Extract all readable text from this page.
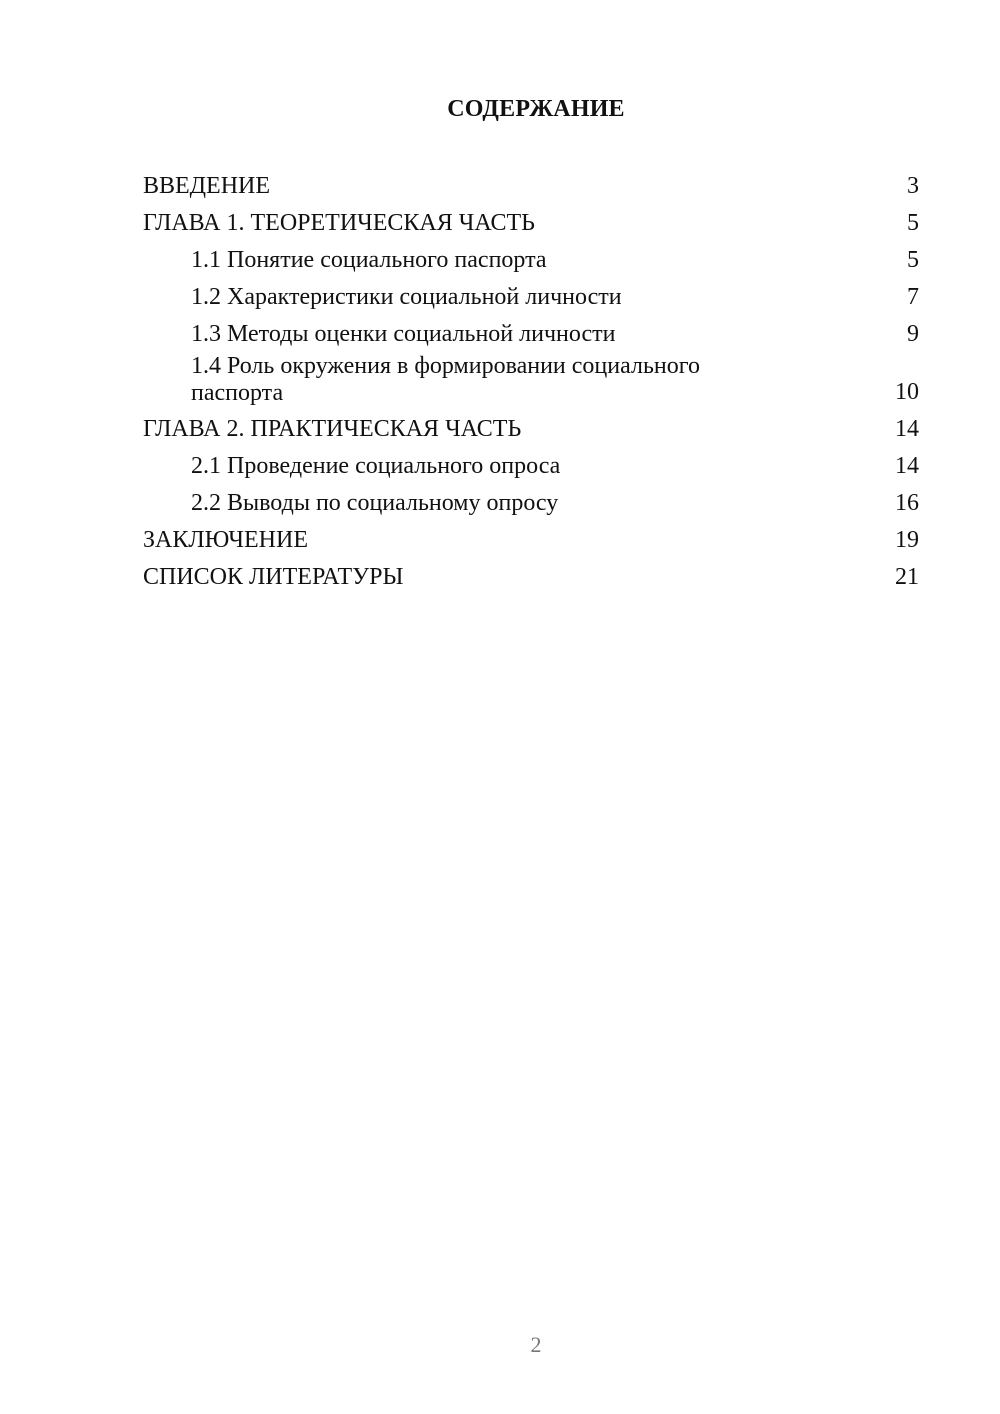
СОДЕРЖАНИЕ
ВВЕДЕНИЕ	3
ГЛАВА 1. ТЕОРЕТИЧЕСКАЯ ЧАСТЬ	5
1.1 Понятие социального паспорта	5
1.2 Характеристики социальной личности	7
1.3 Методы оценки социальной личности	9
1.4 Роль окружения в формировании социального паспорта	10
ГЛАВА 2. ПРАКТИЧЕСКАЯ ЧАСТЬ	14
2.1 Проведение социального опроса	14
2.2 Выводы по социальному опросу	16
ЗАКЛЮЧЕНИЕ	19
СПИСОК ЛИТЕРАТУРЫ	21
2
